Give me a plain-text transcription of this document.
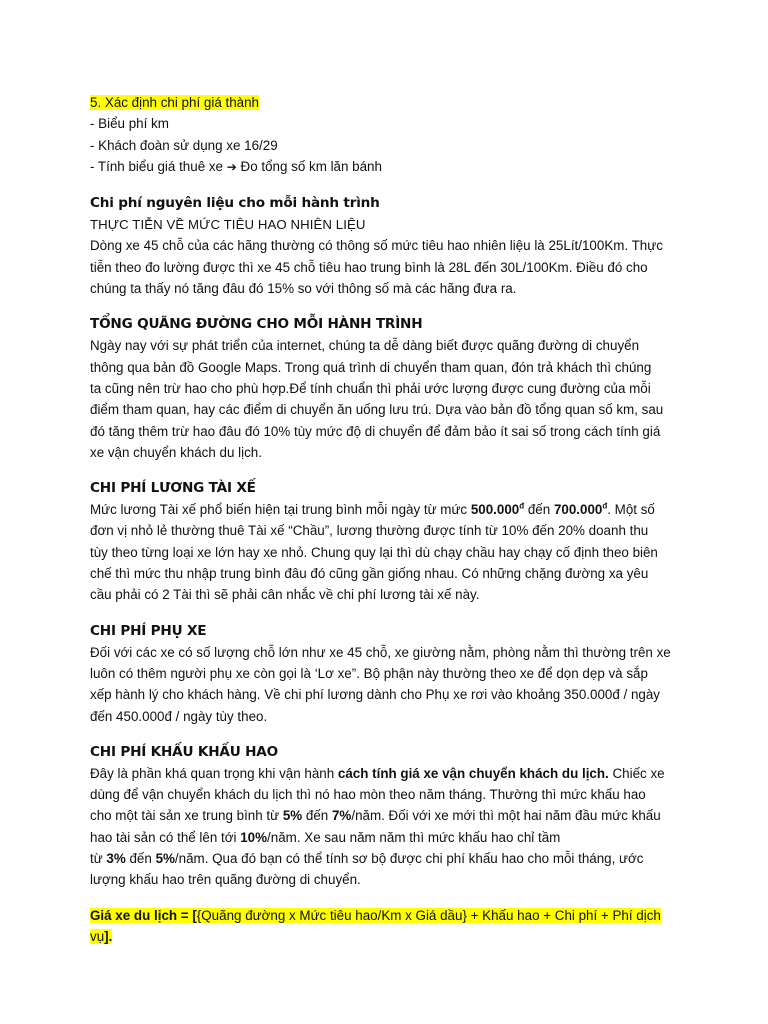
5. Xác định chi phí giá thành
- Biểu phí km
- Khách đoàn sử dụng xe 16/29
- Tính biểu giá thuê xe ➔ Đo tổng số km lăn bánh
Chi phí nguyên liệu cho mỗi hành trình
THỰC TIỄN VỀ MỨC TIÊU HAO NHIÊN LIỆU
Dòng xe 45 chỗ của các hãng thường có thông số mức tiêu hao nhiên liệu là 25Lít/100Km. Thực
tiễn theo đo lường được thì xe 45 chỗ tiêu hao trung bình là 28L đến 30L/100Km. Điều đó cho
chúng ta thấy nó tăng đâu đó 15% so với thông số mà các hãng đưa ra.
TỔNG QUÃNG ĐƯỜNG CHO MỖI HÀNH TRÌNH
Ngày nay với sự phát triển của internet, chúng ta dễ dàng biết được quãng đường di chuyển
thông qua bản đồ Google Maps. Trong quá trình di chuyển tham quan, đón trả khách thì chúng
ta cũng nên trừ hao cho phù hợp.Để tính chuẩn thì phải ước lượng được cung đường của mỗi
điểm tham quan, hay các điểm di chuyển ăn uống lưu trú. Dựa vào bản đồ tổng quan số km, sau
đó tăng thêm trừ hao đâu đó 10% tùy mức độ di chuyển để đảm bảo ít sai số trong cách tính giá
xe vận chuyển khách du lịch.
CHI PHÍ LƯƠNG TÀI XẾ
Mức lương Tài xế phổ biến hiện tại trung bình mỗi ngày từ mức $500.000^đ$ đến $700.000^đ$. Một số
đơn vị nhỏ lẻ thường thuê Tài xế “Chầu”, lương thường được tính từ 10% đến 20% doanh thu
tùy theo từng loại xe lớn hay xe nhỏ. Chung quy lại thì dù chạy chầu hay chạy cố định theo biên
chế thì mức thu nhập trung bình đâu đó cũng gần giống nhau. Có những chặng đường xa yêu
cầu phải có 2 Tài thì sẽ phải cân nhắc về chi phí lương tài xế này.
CHI PHÍ PHỤ XE
Đối với các xe có số lượng chỗ lớn như xe 45 chỗ, xe giường nằm, phòng nằm thì thường trên xe
luôn có thêm người phụ xe còn gọi là ‘Lơ xe”. Bộ phận này thường theo xe để dọn dẹp và sắp
xếp hành lý cho khách hàng. Về chi phí lương dành cho Phụ xe rơi vào khoảng 350.000đ / ngày
đến 450.000đ / ngày tùy theo.
CHI PHÍ KHẤU KHẤU HAO
Đây là phần khá quan trọng khi vận hành cách tính giá xe vận chuyển khách du lịch. Chiếc xe
dùng để vận chuyển khách du lịch thì nó hao mòn theo năm tháng. Thường thì mức khấu hao
cho một tài sản xe trung bình từ 5% đến 7%/năm. Đối với xe mới thì một hai năm đầu mức khấu
hao tài sản có thể lên tới 10%/năm. Xe sau năm năm thì mức khấu hao chỉ tầm
từ 3% đến 5%/năm. Qua đó bạn có thể tính sơ bộ được chi phí khấu hao cho mỗi tháng, ước
lượng khấu hao trên quãng đường di chuyển.
Giá xe du lịch = [{Quãng đường x Mức tiêu hao/Km x Giá dầu} + Khấu hao + Chi phí + Phí dịch
vụ].
